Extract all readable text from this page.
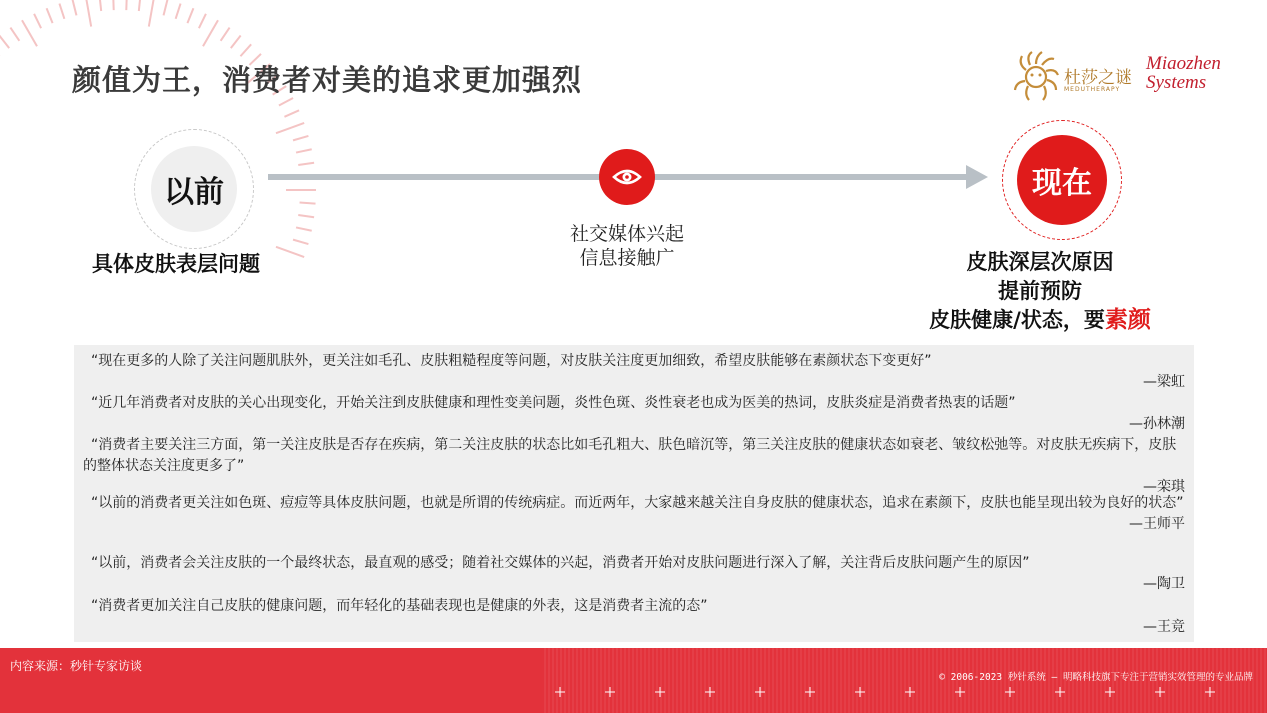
颜值为王，消费者对美的追求更加强烈	杜莎之谜
MEDUTHERAPY
Miaozhen
Systems
以前	现在
社交媒体兴起
信息接触广
具体皮肤表层问题	皮肤深层次原因
提前预防
皮肤健康/状态，要素颜
“现在更多的人除了关注问题肌肤外，更关注如毛孔、皮肤粗糙程度等问题，对皮肤关注度更加细致，希望皮肤能够在素颜状态下变更好”
—梁虹
“近几年消费者对皮肤的关心出现变化，开始关注到皮肤健康和理性变美问题，炎性色斑、炎性衰老也成为医美的热词，皮肤炎症是消费者热衷的话题”
—孙林潮
“消费者主要关注三方面，第一关注皮肤是否存在疾病，第二关注皮肤的状态比如毛孔粗大、肤色暗沉等，第三关注皮肤的健康状态如衰老、皱纹松弛等。对皮肤无疾病下，皮肤的整体状态关注度更多了”
—栾琪
“以前的消费者更关注如色斑、痘痘等具体皮肤问题，也就是所谓的传统病症。而近两年，大家越来越关注自身皮肤的健康状态，追求在素颜下，皮肤也能呈现出较为良好的状态”
—王师平
“以前，消费者会关注皮肤的一个最终状态，最直观的感受；随着社交媒体的兴起，消费者开始对皮肤问题进行深入了解，关注背后皮肤问题产生的原因”
—陶卫
“消费者更加关注自己皮肤的健康问题，而年轻化的基础表现也是健康的外表，这是消费者主流的态”
—王竞
内容来源：秒针专家访谈
© 2006-2023 秒针系统 – 明略科技旗下专注于营销实效管理的专业品牌
